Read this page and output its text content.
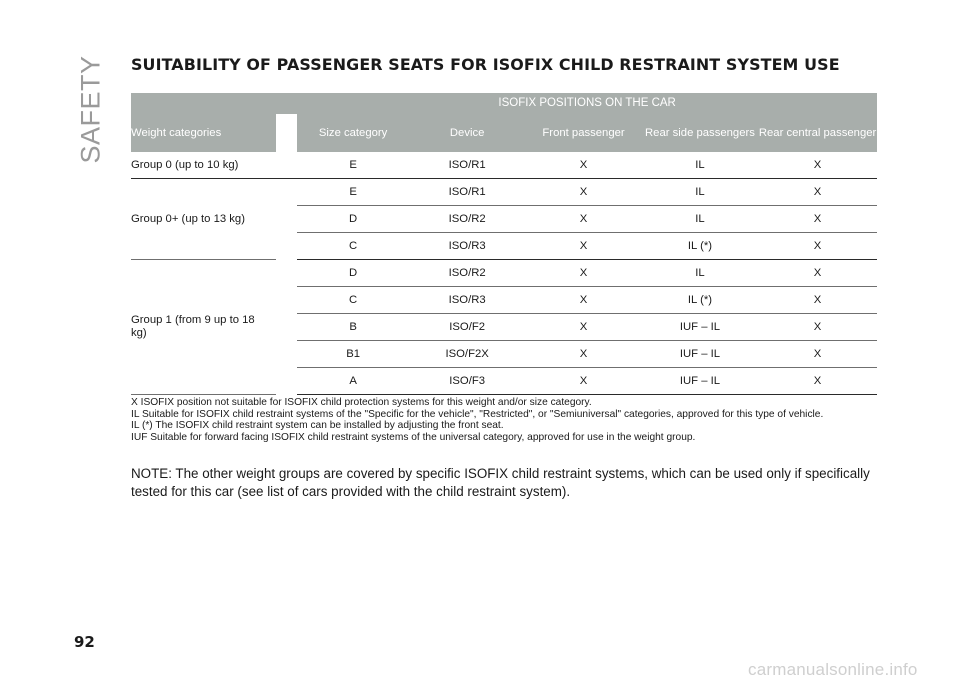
SAFETY SUITABILITY OF PASSENGER SEATS FOR ISOFIX CHILD RESTRAINT SYSTEM USE
		ISOFIX POSITIONS ON THE CAR				
Weight categories		Size category	Device	Front passenger	Rear side passengers	Rear central passenger
Group 0 (up to 10 kg)		E	ISO/R1	X	IL	X
Group 0+ (up to 13 kg)		E	ISO/R1	X	IL	X
		D	ISO/R2	X	IL	X
		C	ISO/R3	X	IL (*)	X
Group 1 (from 9 up to 18 kg)		D	ISO/R2	X	IL	X
		C	ISO/R3	X	IL (*)	X
		B	ISO/F2	X	IUF – IL	X
		B1	ISO/F2X	X	IUF – IL	X
		A	ISO/F3	X	IUF – IL	X

X ISOFIX position not suitable for ISOFIX child protection systems for this weight and/or size category.

IL Suitable for ISOFIX child restraint systems of the "Specific for the vehicle", "Restricted", or "Semiuniversal" categories, approved for this type of vehicle.

IL (*) The ISOFIX child restraint system can be installed by adjusting the front seat.

IUF Suitable for forward facing ISOFIX child restraint systems of the universal category, approved for use in the weight group.

NOTE: The other weight groups are covered by specific ISOFIX child restraint systems, which can be used only if specifically tested for this car (see list of cars provided with the child restraint system).

92
carmanualsonline.info
